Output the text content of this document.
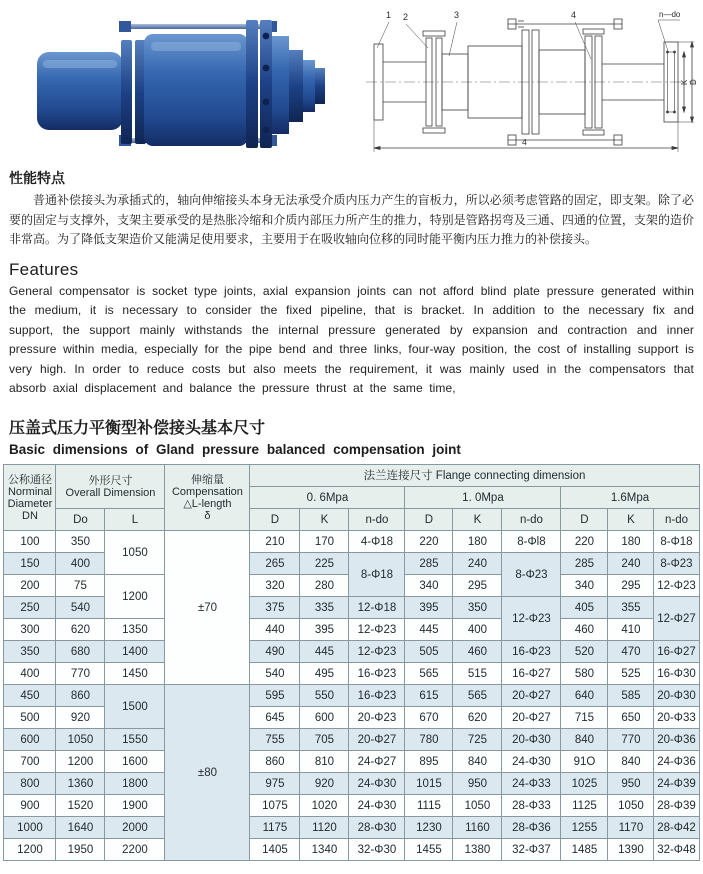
1 2	3	4	n—do
K D
4
性能特点

普通补偿接头为承插式的，轴向伸缩接头本身无法承受介质内压力产生的盲板力，所以必须考虑管路的固定，即支架。除了必要的固定与支撑外，支架主要承受的是热胀冷缩和介质内部压力所产生的推力，特别是管路拐弯及三通、四通的位置，支架的造价非常高。为了降低支架造价又能满足使用要求，主要用于在吸收轴向位移的同时能平衡内压力推力的补偿接头。

Features

General compensator is socket type joints, axial expansion joints can not afford blind plate pressure generated within the medium, it is necessary to consider the fixed pipeline, that is bracket. In addition to the necessary fix and support, the support mainly withstands the internal pressure generated by expansion and contraction and inner pressure within media, especially for the pipe bend and three links, four-way position, the cost of installing support is very high. In order to reduce costs but also meets the requirement, it was mainly used in the compensators that absorb axial displacement and balance the pressure thrust at the same time,

压盖式压力平衡型补偿接头基本尺寸
Basic dimensions of Gland pressure balanced compensation joint
公称通径
Norminal
Diameter
DN	外形尺寸
Overall Dimension		伸缩量
Compensation
△L-length
δ	法兰连接尺寸 Flange connecting dimension								
				0. 6Mpa			1. 0Mpa			1.6Mpa		
	Do	L		D	K	n-do	D	K	n-do	D	K	n-do
100	350	1050	±70	210	170	4-Φ18	220	180	8-Φl8	220	180	8-Φ18
150	400			265	225	8-Φ18	285	240	8-Φ23	285	240	8-Φ23
200	75	1200		320	280		340	295		340	295	12-Φ23
250	540			375	335	12-Φ18	395	350	12-Φ23	405	355	12-Φ27
300	620	1350		440	395	12-Φ23	445	400		460	410	
350	680	1400		490	445	12-Φ23	505	460	16-Φ23	520	470	16-Φ27
400	770	1450		540	495	16-Φ23	565	515	16-Φ27	580	525	16-Φ30
450	860	1500	±80	595	550	16-Φ23	615	565	20-Φ27	640	585	20-Φ30
500	920			645	600	20-Φ23	670	620	20-Φ27	715	650	20-Φ33
600	1050	1550		755	705	20-Φ27	780	725	20-Φ30	840	770	20-Φ36
700	1200	1600		860	810	24-Φ27	895	840	24-Φ30	91O	840	24-Φ36
800	1360	1800		975	920	24-Φ30	1015	950	24-Φ33	1025	950	24-Φ39
900	1520	1900		1075	1020	24-Φ30	1115	1050	28-Φ33	1125	1050	28-Φ39
1000	1640	2000		1175	1120	28-Φ30	1230	1160	28-Φ36	1255	1170	28-Φ42
1200	1950	2200		1405	1340	32-Φ30	1455	1380	32-Φ37	1485	1390	32-Φ48
